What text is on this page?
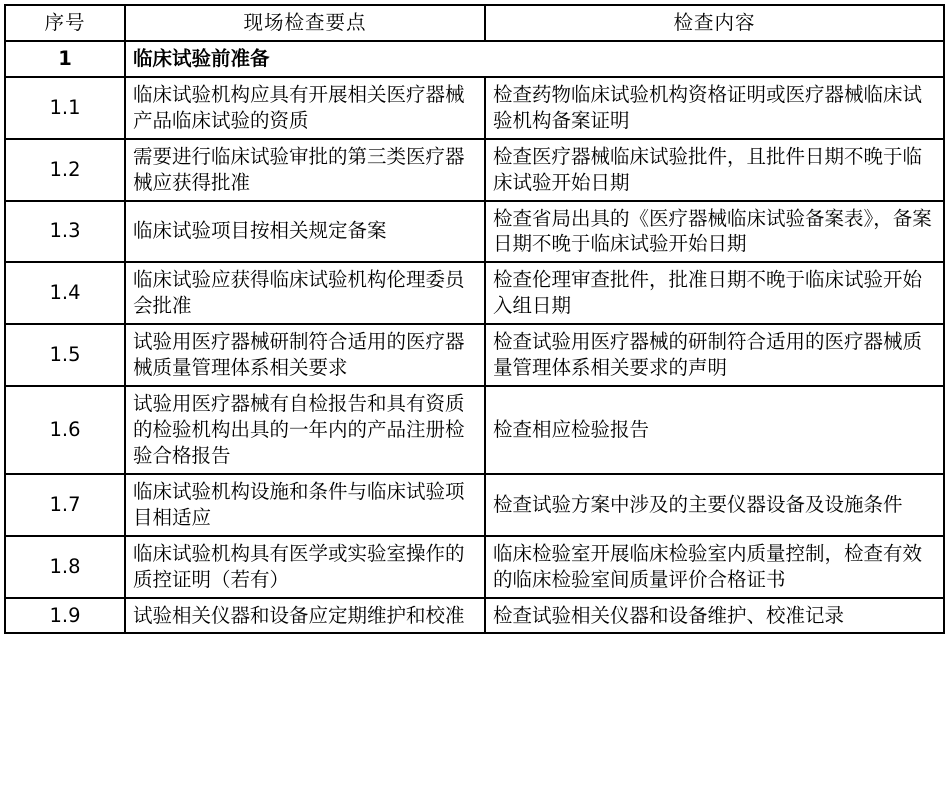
序号	现场检查要点	检查内容
1	临床试验前准备	
1.1	临床试验机构应具有开展相关医疗器械产品临床试验的资质	检查药物临床试验机构资格证明或医疗器械临床试验机构备案证明
1.2	需要进行临床试验审批的第三类医疗器械应获得批准	检查医疗器械临床试验批件，且批件日期不晚于临床试验开始日期
1.3	临床试验项目按相关规定备案	检查省局出具的《医疗器械临床试验备案表》，备案日期不晚于临床试验开始日期
1.4	临床试验应获得临床试验机构伦理委员会批准	检查伦理审查批件，批准日期不晚于临床试验开始入组日期
1.5	试验用医疗器械研制符合适用的医疗器械质量管理体系相关要求	检查试验用医疗器械的研制符合适用的医疗器械质量管理体系相关要求的声明
1.6	试验用医疗器械有自检报告和具有资质的检验机构出具的一年内的产品注册检验合格报告	检查相应检验报告
1.7	临床试验机构设施和条件与临床试验项目相适应	检查试验方案中涉及的主要仪器设备及设施条件
1.8	临床试验机构具有医学或实验室操作的质控证明（若有）	临床检验室开展临床检验室内质量控制，检查有效的临床检验室间质量评价合格证书
1.9	试验相关仪器和设备应定期维护和校准	检查试验相关仪器和设备维护、校准记录
